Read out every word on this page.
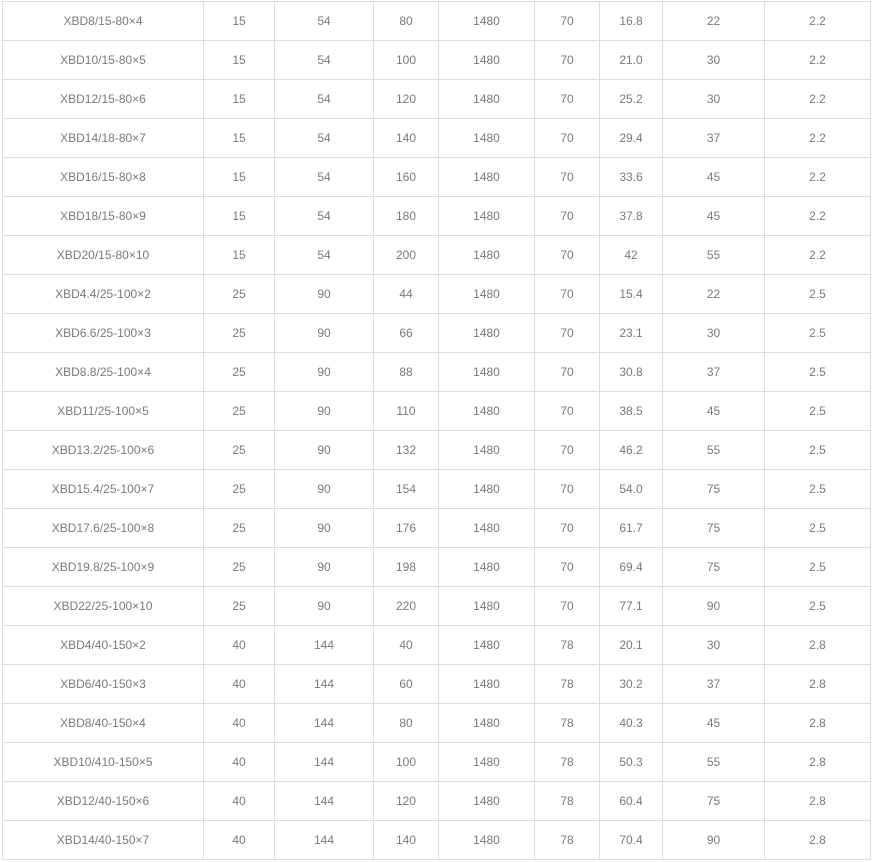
XBD8/15-80×4	15	54	80	1480	70	16.8	22	2.2
XBD10/15-80×5	15	54	100	1480	70	21.0	30	2.2
XBD12/15-80×6	15	54	120	1480	70	25.2	30	2.2
XBD14/18-80×7	15	54	140	1480	70	29.4	37	2.2
XBD16/15-80×8	15	54	160	1480	70	33.6	45	2.2
XBD18/15-80×9	15	54	180	1480	70	37.8	45	2.2
XBD20/15-80×10	15	54	200	1480	70	42	55	2.2
XBD4.4/25-100×2	25	90	44	1480	70	15.4	22	2.5
XBD6.6/25-100×3	25	90	66	1480	70	23.1	30	2.5
XBD8.8/25-100×4	25	90	88	1480	70	30.8	37	2.5
XBD11/25-100×5	25	90	110	1480	70	38.5	45	2.5
XBD13.2/25-100×6	25	90	132	1480	70	46.2	55	2.5
XBD15.4/25-100×7	25	90	154	1480	70	54.0	75	2.5
XBD17.6/25-100×8	25	90	176	1480	70	61.7	75	2.5
XBD19.8/25-100×9	25	90	198	1480	70	69.4	75	2.5
XBD22/25-100×10	25	90	220	1480	70	77.1	90	2.5
XBD4/40-150×2	40	144	40	1480	78	20.1	30	2.8
XBD6/40-150×3	40	144	60	1480	78	30.2	37	2.8
XBD8/40-150×4	40	144	80	1480	78	40.3	45	2.8
XBD10/410-150×5	40	144	100	1480	78	50.3	55	2.8
XBD12/40-150×6	40	144	120	1480	78	60.4	75	2.8
XBD14/40-150×7	40	144	140	1480	78	70.4	90	2.8
